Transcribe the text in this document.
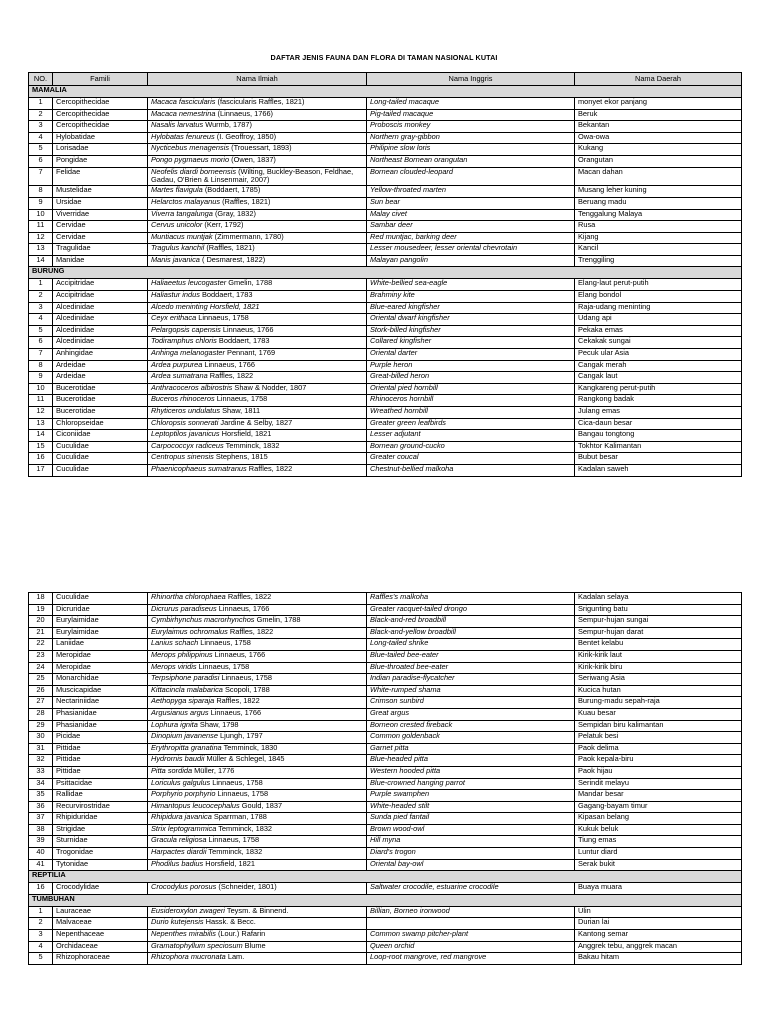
DAFTAR JENIS FAUNA DAN FLORA DI TAMAN NASIONAL KUTAI
NO.	Famili	Nama Ilmiah	Nama Inggris	Nama Daerah
MAMALIA				
1	Cercopithecidae	Macaca fascicularis (fascicularis Raffles, 1821)	Long-tailed macaque	monyet ekor panjang
2	Cercopithecidae	Macaca nemestrina (Linnaeus, 1766)	Pig-tailed macaque	Beruk
3	Cercopithecidae	Nasalis larvatus Wurmb, 1787)	Proboscis monkey	Bekantan
4	Hylobatidae	Hylobatas fenureus (I. Geoffroy, 1850)	Northern gray-gibbon	Owa-owa
5	Lorisadae	Nycticebus menagensis (Trouessart, 1893)	Philipine slow loris	Kukang
6	Pongidae	Pongo pygmaeus morio (Owen, 1837)	Northeast Bornean orangutan	Orangutan
7	Felidae	Neofelis diardi borneensis (Wilting, Buckley-Beason, Feldhae, Gadau, O'Brien & Linsenmair, 2007)	Bornean clouded-leopard	Macan dahan
8	Mustelidae	Martes flavigula (Boddaert, 1785)	Yellow-throated marten	Musang leher kuning
9	Ursidae	Helarctos malayanus (Raffles, 1821)	Sun bear	Beruang madu
10	Viverridae	Viverra tangalunga (Gray, 1832)	Malay civet	Tenggalung Malaya
11	Cervidae	Cervus unicolor (Kerr, 1792)	Sambar deer	Rusa
12	Cervidae	Muntiacus muntjak (Zimmermann, 1780)	Red muntjac, barking deer	Kijang
13	Tragulidae	Tragulus kanchil (Raffles, 1821)	Lesser mousedeer, lesser oriental chevrotain	Kancil
14	Manidae	Manis javanica ( Desmarest, 1822)	Malayan pangolin	Trenggiling
BURUNG				
1	Accipitridae	Haliaeetus leucogaster Gmelin, 1788	White-bellied sea-eagle	Elang-laut perut-putih
2	Accipitridae	Haliastur indus Boddaert, 1783	Brahminy kite	Elang bondol
3	Alcedinidae	Alcedo meninting Horsfield, 1821	Blue-eared kingfisher	Raja-udang meninting
4	Alcedinidae	Ceyx erithaca Linnaeus, 1758	Oriental dwarf kingfisher	Udang api
5	Alcedinidae	Pelargopsis capensis Linnaeus, 1766	Stork-billed kingfisher	Pekaka emas
6	Alcedinidae	Todiramphus chloris Boddaert, 1783	Collared kingfisher	Cekakak sungai
7	Anhingidae	Anhinga melanogaster Pennant, 1769	Oriental darter	Pecuk ular Asia
8	Ardeidae	Ardea purpurea Linnaeus, 1766	Purple heron	Cangak merah
9	Ardeidae	Ardea sumatrana Raffles, 1822	Great-billed heron	Cangak laut
10	Bucerotidae	Anthracoceros albirostris Shaw & Nodder, 1807	Oriental pied hornbill	Kangkareng perut-putih
11	Bucerotidae	Buceros rhinoceros Linnaeus, 1758	Rhinoceros hornbill	Rangkong badak
12	Bucerotidae	Rhyticeros undulatus Shaw, 1811	Wreathed hornbill	Julang emas
13	Chloropseidae	Chloropsis sonnerati Jardine & Selby, 1827	Greater green leafbirds	Cica-daun besar
14	Ciconiidae	Leptoptilos javanicus Horsfield, 1821	Lesser adjutant	Bangau tongtong
15	Cuculidae	Carpococcyx radiceus Temminck, 1832	Bornean ground-cucko	Tokhtor Kalimantan
16	Cuculidae	Centropus sinensis Stephens, 1815	Greater coucal	Bubut besar
17	Cuculidae	Phaenicophaeus sumatranus Raffles, 1822	Chestnut-bellied malkoha	Kadalan saweh
18	Cuculidae	Rhinortha chlorophaea Raffles, 1822	Raffles's malkoha	Kadalan selaya
19	Dicruridae	Dicrurus paradiseus Linnaeus, 1766	Greater racquet-tailed drongo	Srigunting batu
20	Eurylaimidae	Cymbirhynchus macrorhynchos Gmelin, 1788	Black-and-red broadbill	Sempur-hujan sungai
21	Eurylaimidae	Eurylaimus ochromalus Raffles, 1822	Black-and-yellow broadbill	Sempur-hujan darat
22	Laniidae	Lanius schach Linnaeus, 1758	Long-tailed shrike	Bentet kelabu
23	Meropidae	Merops philippinus Linnaeus, 1766	Blue-tailed bee-eater	Kirik-kirik laut
24	Meropidae	Merops viridis Linnaeus, 1758	Blue-throated bee-eater	Kirik-kirik biru
25	Monarchidae	Terpsiphone paradisi Linnaeus, 1758	Indian paradise-flycatcher	Seriwang Asia
26	Muscicapidae	Kittacincla malabarica Scopoli, 1788	White-rumped shama	Kucica hutan
27	Nectariniidae	Aethopyga siparaja Raffles, 1822	Crimson sunbird	Burung-madu sepah-raja
28	Phasianidae	Argusianus argus Linnaeus, 1766	Great argus	Kuau besar
29	Phasianidae	Lophura ignita Shaw, 1798	Borneon crested fireback	Sempidan biru kalimantan
30	Picidae	Dinopium javanense Ljungh, 1797	Common goldenback	Pelatuk besi
31	Pittidae	Erythropitta granatina Temminck, 1830	Garnet pitta	Paok delima
32	Pittidae	Hydrornis baudii Müller & Schlegel, 1845	Blue-headed pitta	Paok kepala-biru
33	Pittidae	Pitta sordida Müller, 1776	Western hooded pitta	Paok hijau
34	Psittacidae	Loriculus galgulus Linnaeus, 1758	Blue-crowned hanging parrot	Serindit melayu
35	Rallidae	Porphyrio porphyrio Linnaeus, 1758	Purple swamphen	Mandar besar
36	Recurvirostridae	Himantopus leucocephalus Gould, 1837	White-headed stilt	Gagang-bayam timur
37	Rhipiduridae	Rhipidura javanica Sparrman, 1788	Sunda pied fantail	Kipasan belang
38	Strigidae	Strix leptogrammica Temminck, 1832	Brown wood-owl	Kukuk beluk
39	Sturnidae	Gracula religiosa Linnaeus, 1758	Hill myna	Tiung emas
40	Trogonidae	Harpactes diardii Temminck, 1832	Diard's trogon	Luntur diard
41	Tytonidae	Phodilus badius Horsfield, 1821	Oriental bay-owl	Serak bukit
REPTILIA				
16	Crocodylidae	Crocodylus porosus (Schneider, 1801)	Saltwater crocodile, estuarine crocodile	Buaya muara
TUMBUHAN				
1	Lauraceae	Eusideroxylon zwageri Teysm. & Binnend.	Billian, Borneo ironwood	Ulin
2	Malvaceae	Durio kutejensis Hassk. & Becc.		Durian lai
3	Nepenthaceae	Nepenthes mirabilis (Lour.) Rafarin	Common swamp pitcher-plant	Kantong semar
4	Orchidaceae	Gramatophyllum speciosum Blume	Queen orchid	Anggrek tebu, anggrek macan
5	Rhizophoraceae	Rhizophora mucronata Lam.	Loop-root mangrove, red mangrove	Bakau hitam
